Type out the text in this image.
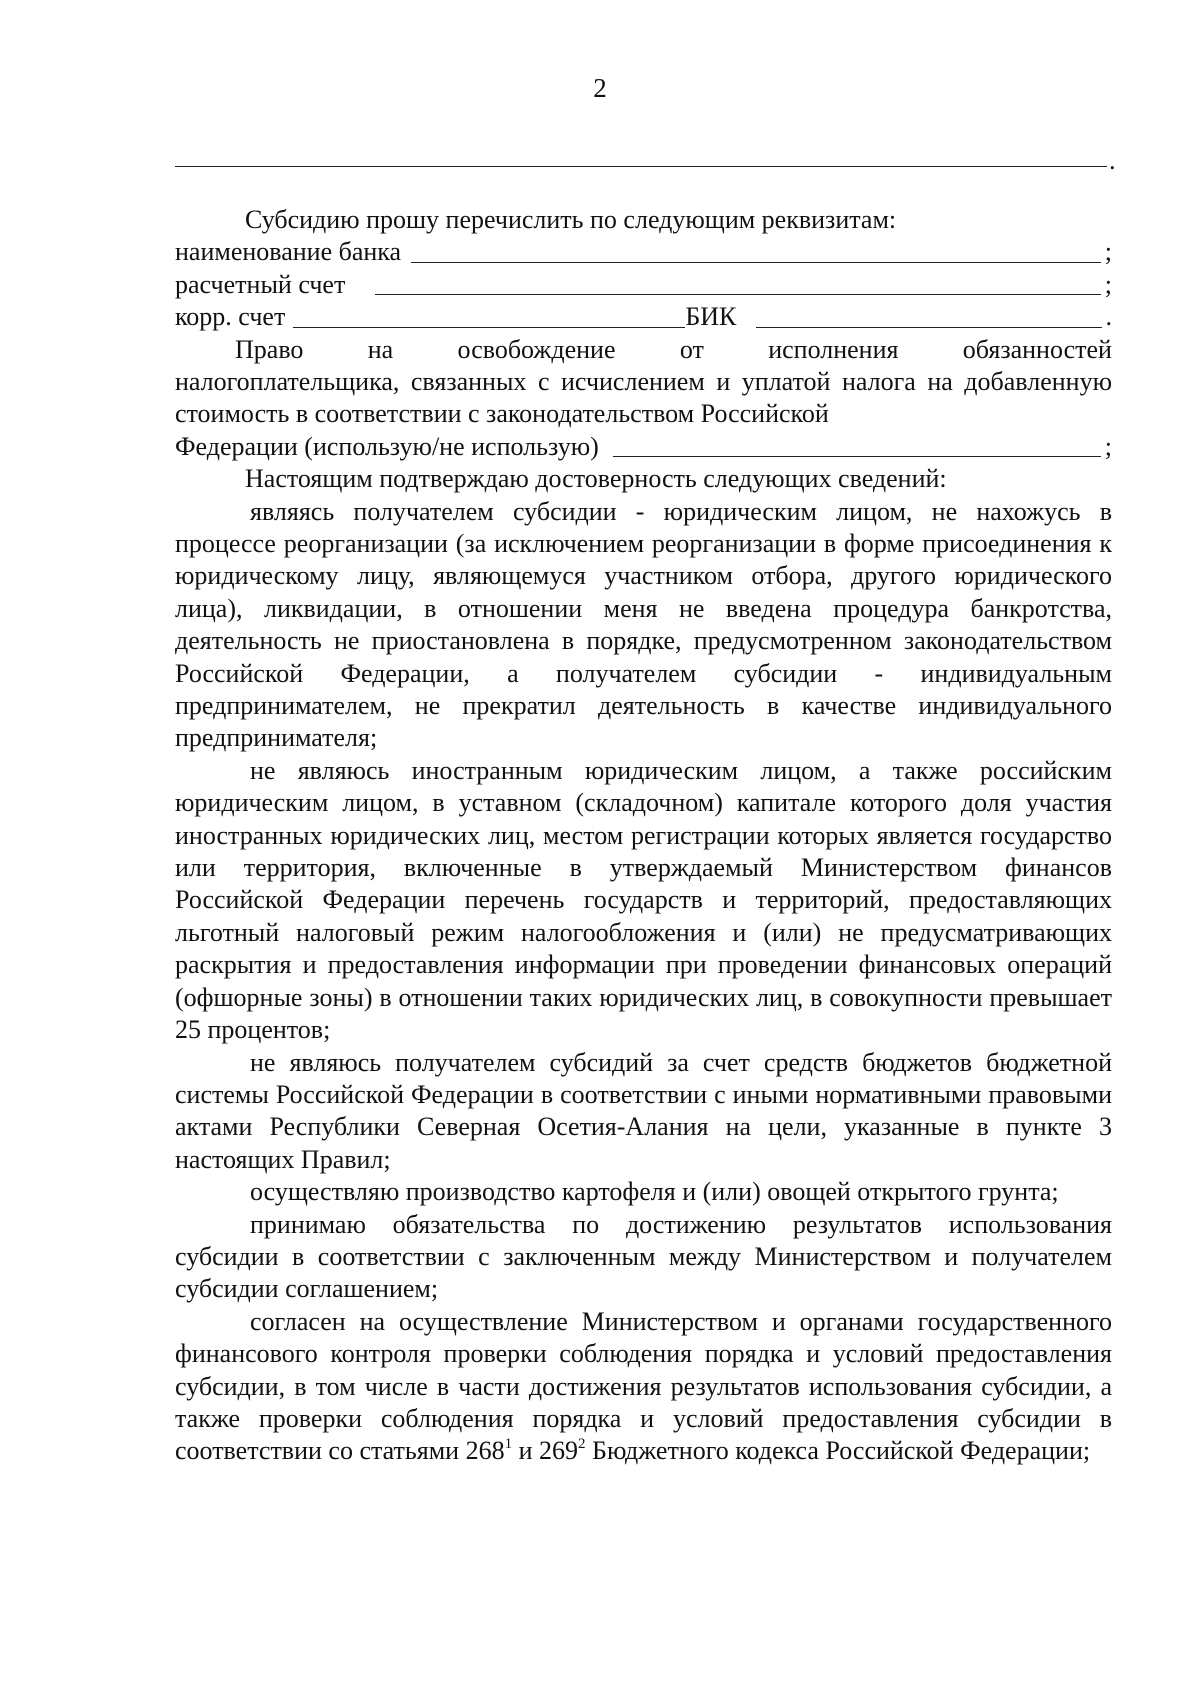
2
.

Субсидию прошу перечислить по следующим реквизитам:

наименование банка	;
расчетный счет	;
корр. счет	БИК	.
Право на освобождение от исполнения обязанностей

налогоплательщика, связанных с исчислением и уплатой налога на добавленную стоимость в соответствии с законодательством Российской

Федерации (использую/не использую)	;

Настоящим подтверждаю достоверность следующих сведений:

являясь получателем субсидии - юридическим лицом, не нахожусь в процессе реорганизации (за исключением реорганизации в форме присоединения к юридическому лицу, являющемуся участником отбора, другого юридического лица), ликвидации, в отношении меня не введена процедура банкротства, деятельность не приостановлена в порядке, предусмотренном законодательством Российской Федерации, а получателем субсидии - индивидуальным предпринимателем, не прекратил деятельность в качестве индивидуального предпринимателя;

не являюсь иностранным юридическим лицом, а также российским юридическим лицом, в уставном (складочном) капитале которого доля участия иностранных юридических лиц, местом регистрации которых является государство или территория, включенные в утверждаемый Министерством финансов Российской Федерации перечень государств и территорий, предоставляющих льготный налоговый режим налогообложения и (или) не предусматривающих раскрытия и предоставления информации при проведении финансовых операций (офшорные зоны) в отношении таких юридических лиц, в совокупности превышает 25 процентов;

не являюсь получателем субсидий за счет средств бюджетов бюджетной системы Российской Федерации в соответствии с иными нормативными правовыми актами Республики Северная Осетия-Алания на цели, указанные в пункте 3 настоящих Правил;

осуществляю производство картофеля и (или) овощей открытого грунта;

принимаю обязательства по достижению результатов использования субсидии в соответствии с заключенным между Министерством и получателем субсидии соглашением;

согласен на осуществление Министерством и органами государственного финансового контроля проверки соблюдения порядка и условий предоставления субсидии, в том числе в части достижения результатов использования субсидии, а также проверки соблюдения порядка и условий предоставления субсидии в соответствии со статьями $268^1$ и $269^2$ Бюджетного кодекса Российской Федерации;
